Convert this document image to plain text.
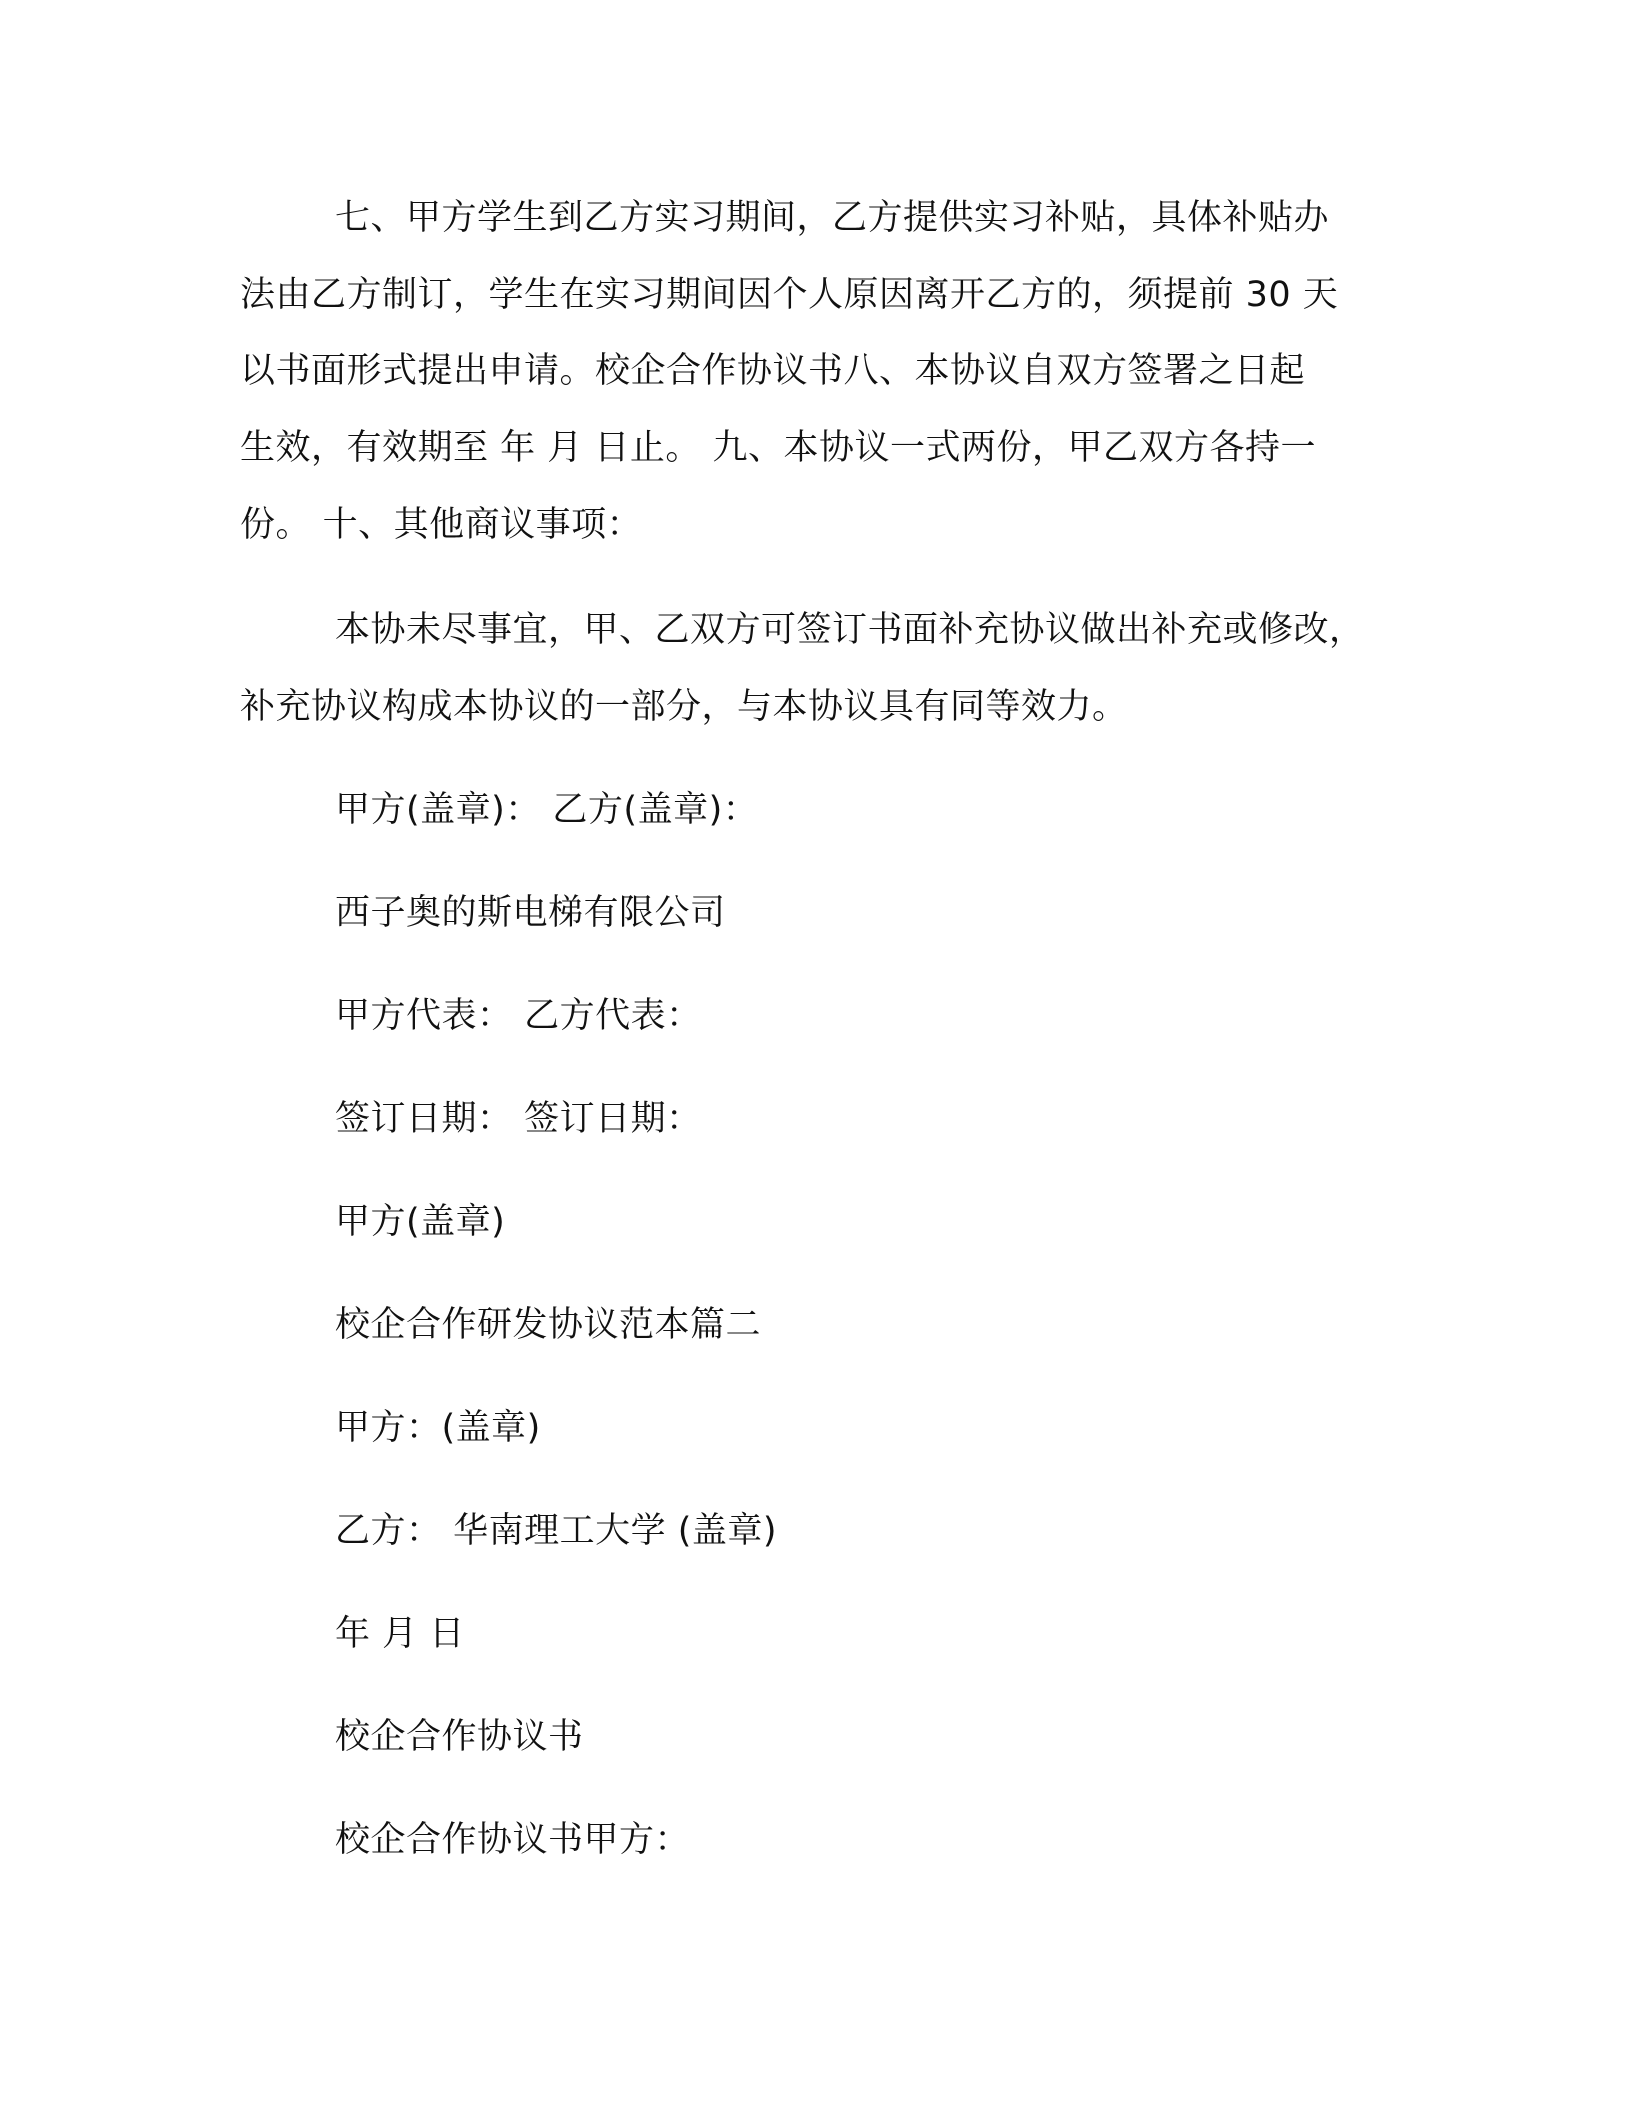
七、甲方学生到乙方实习期间，乙方提供实习补贴，具体补贴办
法由乙方制订，学生在实习期间因个人原因离开乙方的，须提前 30 天
以书面形式提出申请。校企合作协议书八、本协议自双方签署之日起
生效，有效期至 年 月 日止。 九、本协议一式两份，甲乙双方各持一
份。 十、其他商议事项：
本协未尽事宜，甲、乙双方可签订书面补充协议做出补充或修改，
补充协议构成本协议的一部分，与本协议具有同等效力。
甲方(盖章)： 乙方(盖章)：
西子奥的斯电梯有限公司
甲方代表： 乙方代表：
签订日期： 签订日期：
甲方(盖章)
校企合作研发协议范本篇二
甲方：(盖章)
乙方： 华南理工大学 (盖章)
年 月 日
校企合作协议书
校企合作协议书甲方：
